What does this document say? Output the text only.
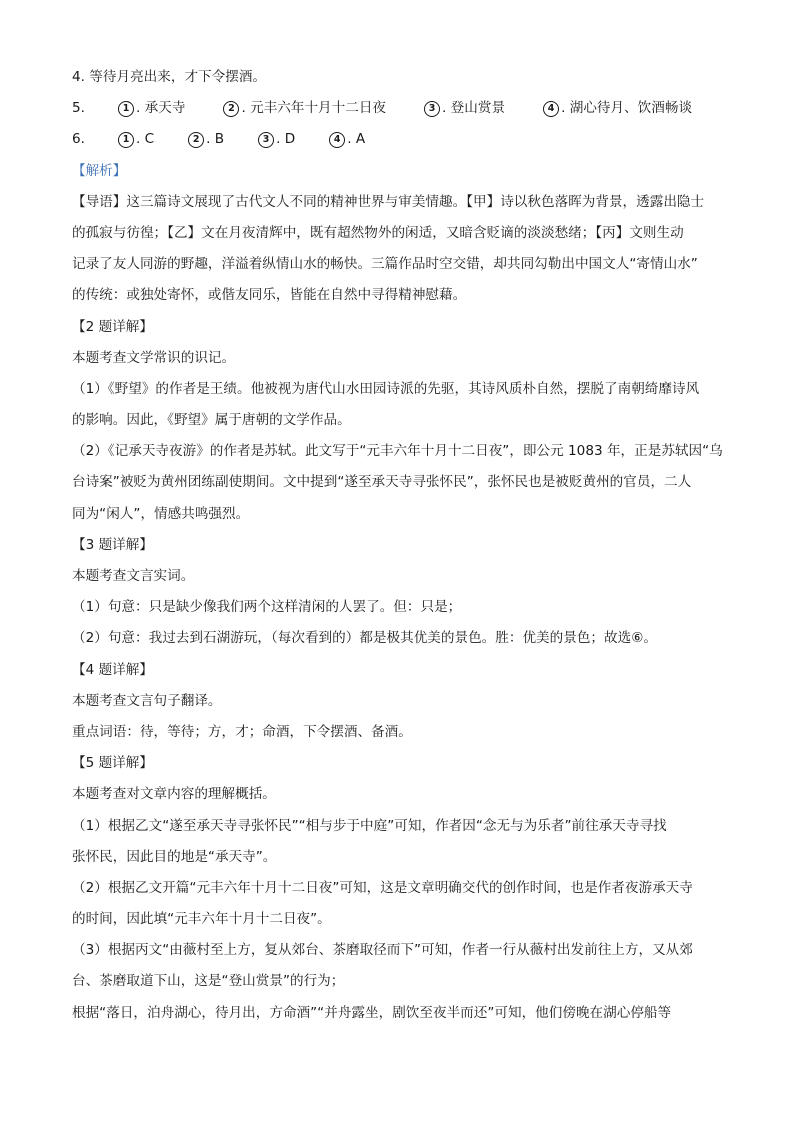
4. 等待月亮出来，才下令摆酒。
5.	1 . 承天寺	2 . 元丰六年十月十二日夜	3 . 登山赏景	4 . 湖心待月、饮酒畅谈
6.	1 . C	2 . B	3 . D	4 . A
【解析】
【导语】这三篇诗文展现了古代文人不同的精神世界与审美情趣。【甲】诗以秋色落晖为背景，透露出隐士
的孤寂与彷徨；【乙】文在月夜清辉中，既有超然物外的闲适，又暗含贬谪的淡淡愁绪；【丙】文则生动
记录了友人同游的野趣，洋溢着纵情山水的畅快。三篇作品时空交错，却共同勾勒出中国文人“寄情山水”
的传统：或独处寄怀，或偕友同乐，皆能在自然中寻得精神慰藉。
【2 题详解】
本题考查文学常识的识记。
（1）《野望》的作者是王绩。他被视为唐代山水田园诗派的先驱，其诗风质朴自然，摆脱了南朝绮靡诗风
的影响。因此，《野望》属于唐朝的文学作品。
（2）《记承天寺夜游》的作者是苏轼。此文写于“元丰六年十月十二日夜”，即公元 1083 年，正是苏轼因“乌
台诗案”被贬为黄州团练副使期间。文中提到“遂至承天寺寻张怀民”，张怀民也是被贬黄州的官员，二人
同为“闲人”，情感共鸣强烈。
【3 题详解】
本题考查文言实词。
（1）句意：只是缺少像我们两个这样清闲的人罢了。但：只是；
（2）句意：我过去到石湖游玩，（每次看到的）都是极其优美的景色。胜：优美的景色；故选⑥。
【4 题详解】
本题考查文言句子翻译。
重点词语：待，等待；方，才；命酒，下令摆酒、备酒。
【5 题详解】
本题考查对文章内容的理解概括。
（1）根据乙文“遂至承天寺寻张怀民”“相与步于中庭”可知，作者因“念无与为乐者”前往承天寺寻找
张怀民，因此目的地是“承天寺”。
（2）根据乙文开篇“元丰六年十月十二日夜”可知，这是文章明确交代的创作时间，也是作者夜游承天寺
的时间，因此填“元丰六年十月十二日夜”。
（3）根据丙文“由薇村至上方，复从郊台、茶磨取径而下”可知，作者一行从薇村出发前往上方，又从郊
台、茶磨取道下山，这是“登山赏景”的行为；
根据“落日，泊舟湖心，待月出，方命酒”“并舟露坐，剧饮至夜半而还”可知，他们傍晚在湖心停船等
